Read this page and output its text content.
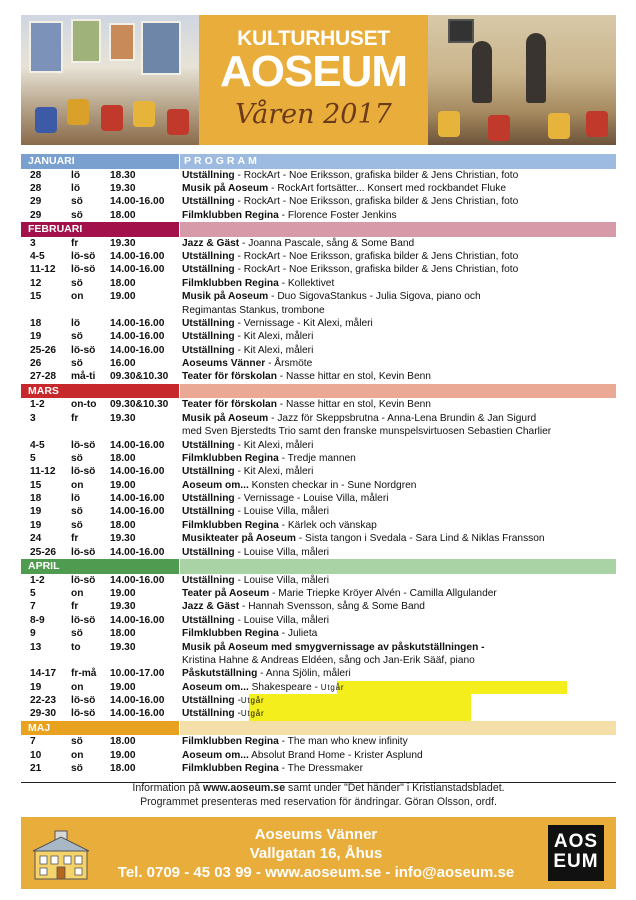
KULTURHUSET
AOSEUM
Våren 2017
JANUARI	PROGRAM
28	lö	18.30	Utställning - RockArt - Noe Eriksson, grafiska bilder & Jens Christian, foto
28	lö	19.30	Musik på Aoseum - RockArt fortsätter... Konsert med rockbandet Fluke
29	sö	14.00-16.00 Utställning - RockArt - Noe Eriksson, grafiska bilder & Jens Christian, foto
29	sö	18.00	Filmklubben Regina - Florence Foster Jenkins
FEBRUARI
3	fr	19.30	Jazz & Gäst - Joanna Pascale, sång & Some Band
4-5	lö-sö 14.00-16.00 Utställning - RockArt - Noe Eriksson, grafiska bilder & Jens Christian, foto
11-12 lö-sö 14.00-16.00 Utställning - RockArt - Noe Eriksson, grafiska bilder & Jens Christian, foto
12	sö	18.00	Filmklubben Regina - Kollektivet
15	on	19.00	Musik på Aoseum - Duo SigovaStankus - Julia Sigova, piano och
Regimantas Stankus, trombone
18	lö	14.00-16.00 Utställning - Vernissage - Kit Alexi, måleri
19	sö	14.00-16.00 Utställning - Kit Alexi, måleri
25-26 lö-sö 14.00-16.00 Utställning - Kit Alexi, måleri
26	sö	16.00	Aoseums Vänner - Årsmöte
27-28 må-ti 09.30&10.30 Teater för förskolan - Nasse hittar en stol, Kevin Benn
MARS
1-2	on-to 09.30&10.30 Teater för förskolan - Nasse hittar en stol, Kevin Benn
3	fr	19.30	Musik på Aoseum - Jazz för Skeppsbrutna - Anna-Lena Brundin & Jan Sigurd
med Sven Bjerstedts Trio samt den franske munspelsvirtuosen Sebastien Charlier
4-5	lö-sö 14.00-16.00 Utställning - Kit Alexi, måleri
5	sö	18.00	Filmklubben Regina - Tredje mannen
11-12 lö-sö 14.00-16.00 Utställning - Kit Alexi, måleri
15	on	19.00	Aoseum om... Konsten checkar in - Sune Nordgren
18	lö	14.00-16.00 Utställning - Vernissage - Louise Villa, måleri
19	sö	14.00-16.00 Utställning - Louise Villa, måleri
19	sö	18.00	Filmklubben Regina - Kärlek och vänskap
24	fr	19.30	Musikteater på Aoseum - Sista tangon i Svedala - Sara Lind & Niklas Fransson
25-26 lö-sö 14.00-16.00 Utställning - Louise Villa, måleri
APRIL
1-2	lö-sö 14.00-16.00 Utställning - Louise Villa, måleri
5	on	19.00	Teater på Aoseum - Marie Triepke Kröyer Alvén - Camilla Allgulander
7	fr	19.30	Jazz & Gäst - Hannah Svensson, sång & Some Band
8-9	lö-sö 14.00-16.00 Utställning - Louise Villa, måleri
9	sö	18.00	Filmklubben Regina - Julieta
13	to	19.30	Musik på Aoseum med smygvernissage av påskutställningen -
Kristina Hahne & Andreas Eldéen, sång och Jan-Erik Sääf, piano
14-17 fr-må 10.00-17.00 Påskutställning - Anna Sjölin, måleri
19	on	19.00	Aoseum om... Shakespeare - Utgår
22-23 lö-sö 14.00-16.00 Utställning -Utgår
29-30 lö-sö 14.00-16.00 Utställning -Utgår
MAJ
7	sö	18.00	Filmklubben Regina - The man who knew infinity
10	on	19.00	Aoseum om... Absolut Brand Home - Krister Asplund
21	sö	18.00	Filmklubben Regina - The Dressmaker
Information på www.aoseum.se samt under "Det händer" i Kristianstadsbladet.
Programmet presenteras med reservation för ändringar. Göran Olsson, ordf.
Aoseums Vänner
Vallgatan 16, Åhus
Tel. 0709 - 45 03 99 - www.aoseum.se - info@aoseum.se
AOS
EUM
